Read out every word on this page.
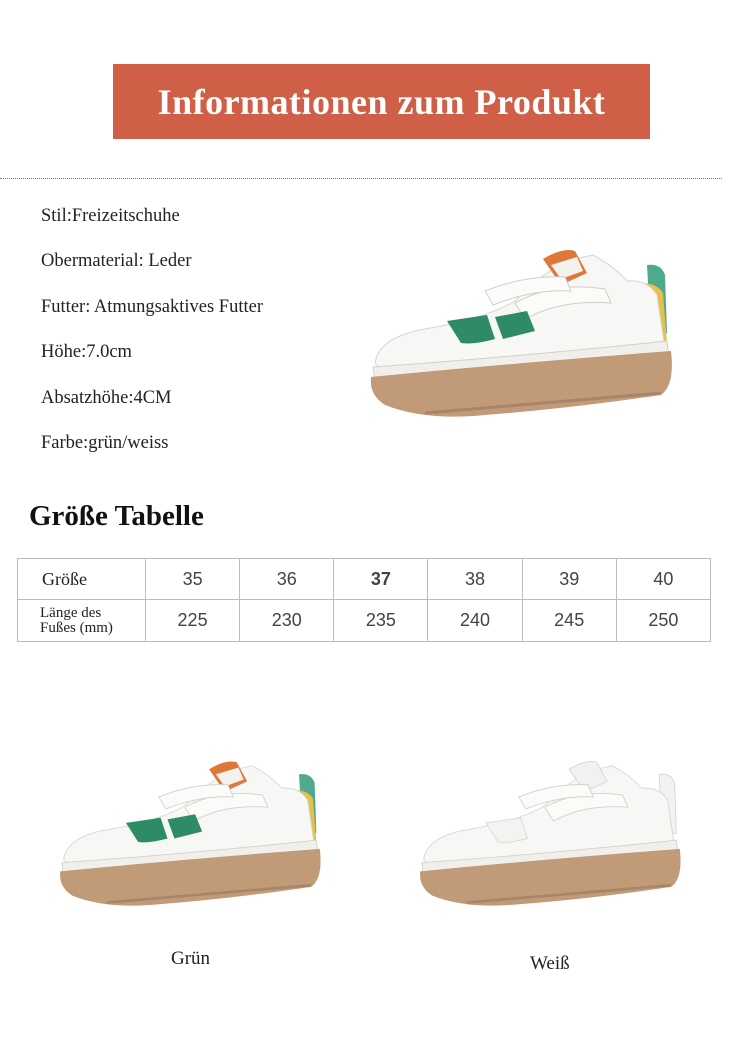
Informationen zum Produkt
Stil:Freizeitschuhe
Obermaterial: Leder
Futter: Atmungsaktives Futter
Höhe:7.0cm
Absatzhöhe:4CM
Farbe:grün/weiss
Größe Tabelle
Größe	35	36	37	38	39	40

Länge des
Fußes (mm)	225	230	235	240	245	250
Grün	Weiß
